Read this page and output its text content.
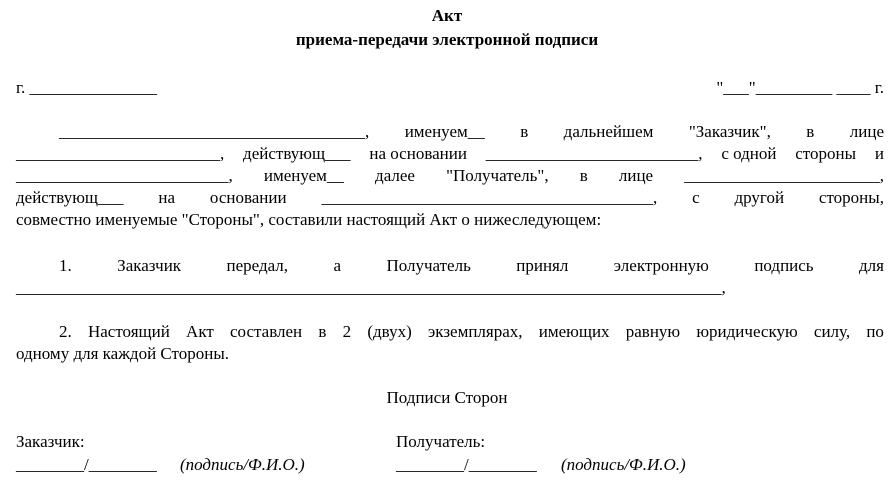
Акт
приема-передачи электронной подписи
г. _______________	"___"_________ ____ г.
____________________________________, именуем__ в дальнейшем "Заказчик", в лице
________________________, действующ___ на основании _________________________, с одной стороны и
_________________________, именуем__ далее "Получатель", в лице _______________________,
действующ___ на основании _______________________________________, с другой стороны,
совместно именуемые "Стороны", составили настоящий Акт о нижеследующем:
1.	Заказчик	передал,	а	Получатель	принял	электронную	подпись	для
___________________________________________________________________________________,
2. Настоящий Акт составлен в 2 (двух) экземплярах, имеющих равную юридическую силу, по
одному для каждой Стороны.
Подписи Сторон
Заказчик:
________/________ (подпись/Ф.И.О.)
Получатель:
________/________ (подпись/Ф.И.О.)
